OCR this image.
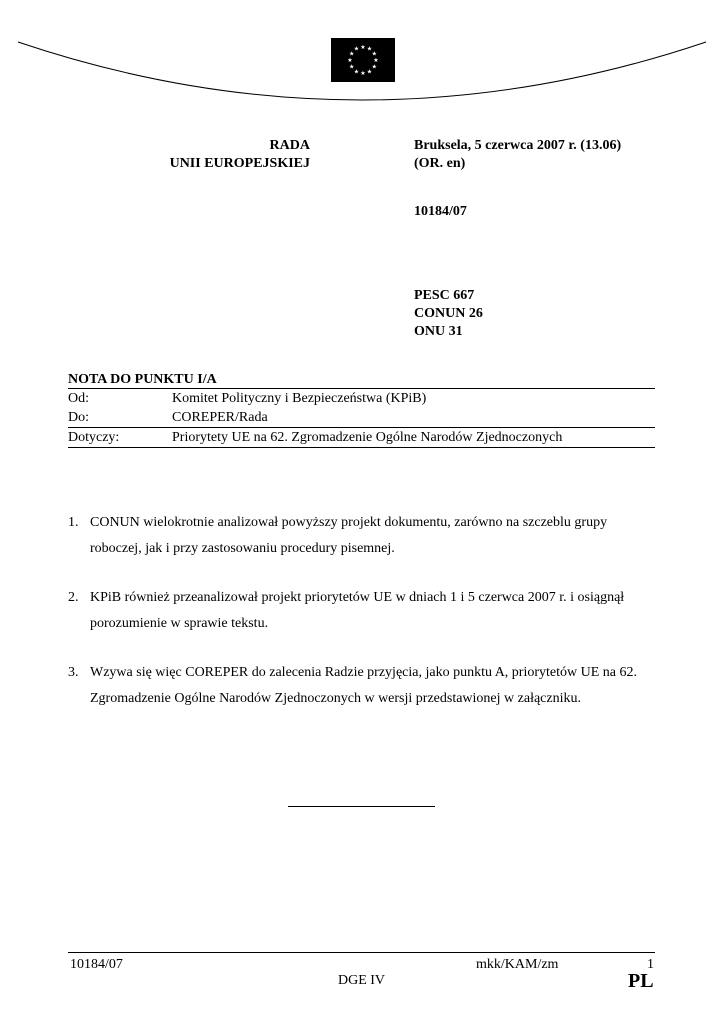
★ ★
★
★
★
★
★
★
★
★
★
★
RADA
UNII EUROPEJSKIEJ
Bruksela, 5 czerwca 2007 r. (13.06)
(OR. en)
10184/07
PESC 667
CONUN 26
ONU 31
NOTA DO PUNKTU I/A
Od:	Komitet Polityczny i Bezpieczeństwa (KPiB)
Do:	COREPER/Rada
Dotyczy:	Priorytety UE na 62. Zgromadzenie Ogólne Narodów Zjednoczonych
1. CONUN wielokrotnie analizował powyższy projekt dokumentu, zarówno na szczeblu grupy roboczej, jak i przy zastosowaniu procedury pisemnej.
2. KPiB również przeanalizował projekt priorytetów UE w dniach 1 i 5 czerwca 2007 r. i osiągnął porozumienie w sprawie tekstu.
3. Wzywa się więc COREPER do zalecenia Radzie przyjęcia, jako punktu A, priorytetów UE na 62. Zgromadzenie Ogólne Narodów Zjednoczonych w wersji przedstawionej w załączniku.
10184/07	mkk/KAM/zm	1
DGE IV	PL
